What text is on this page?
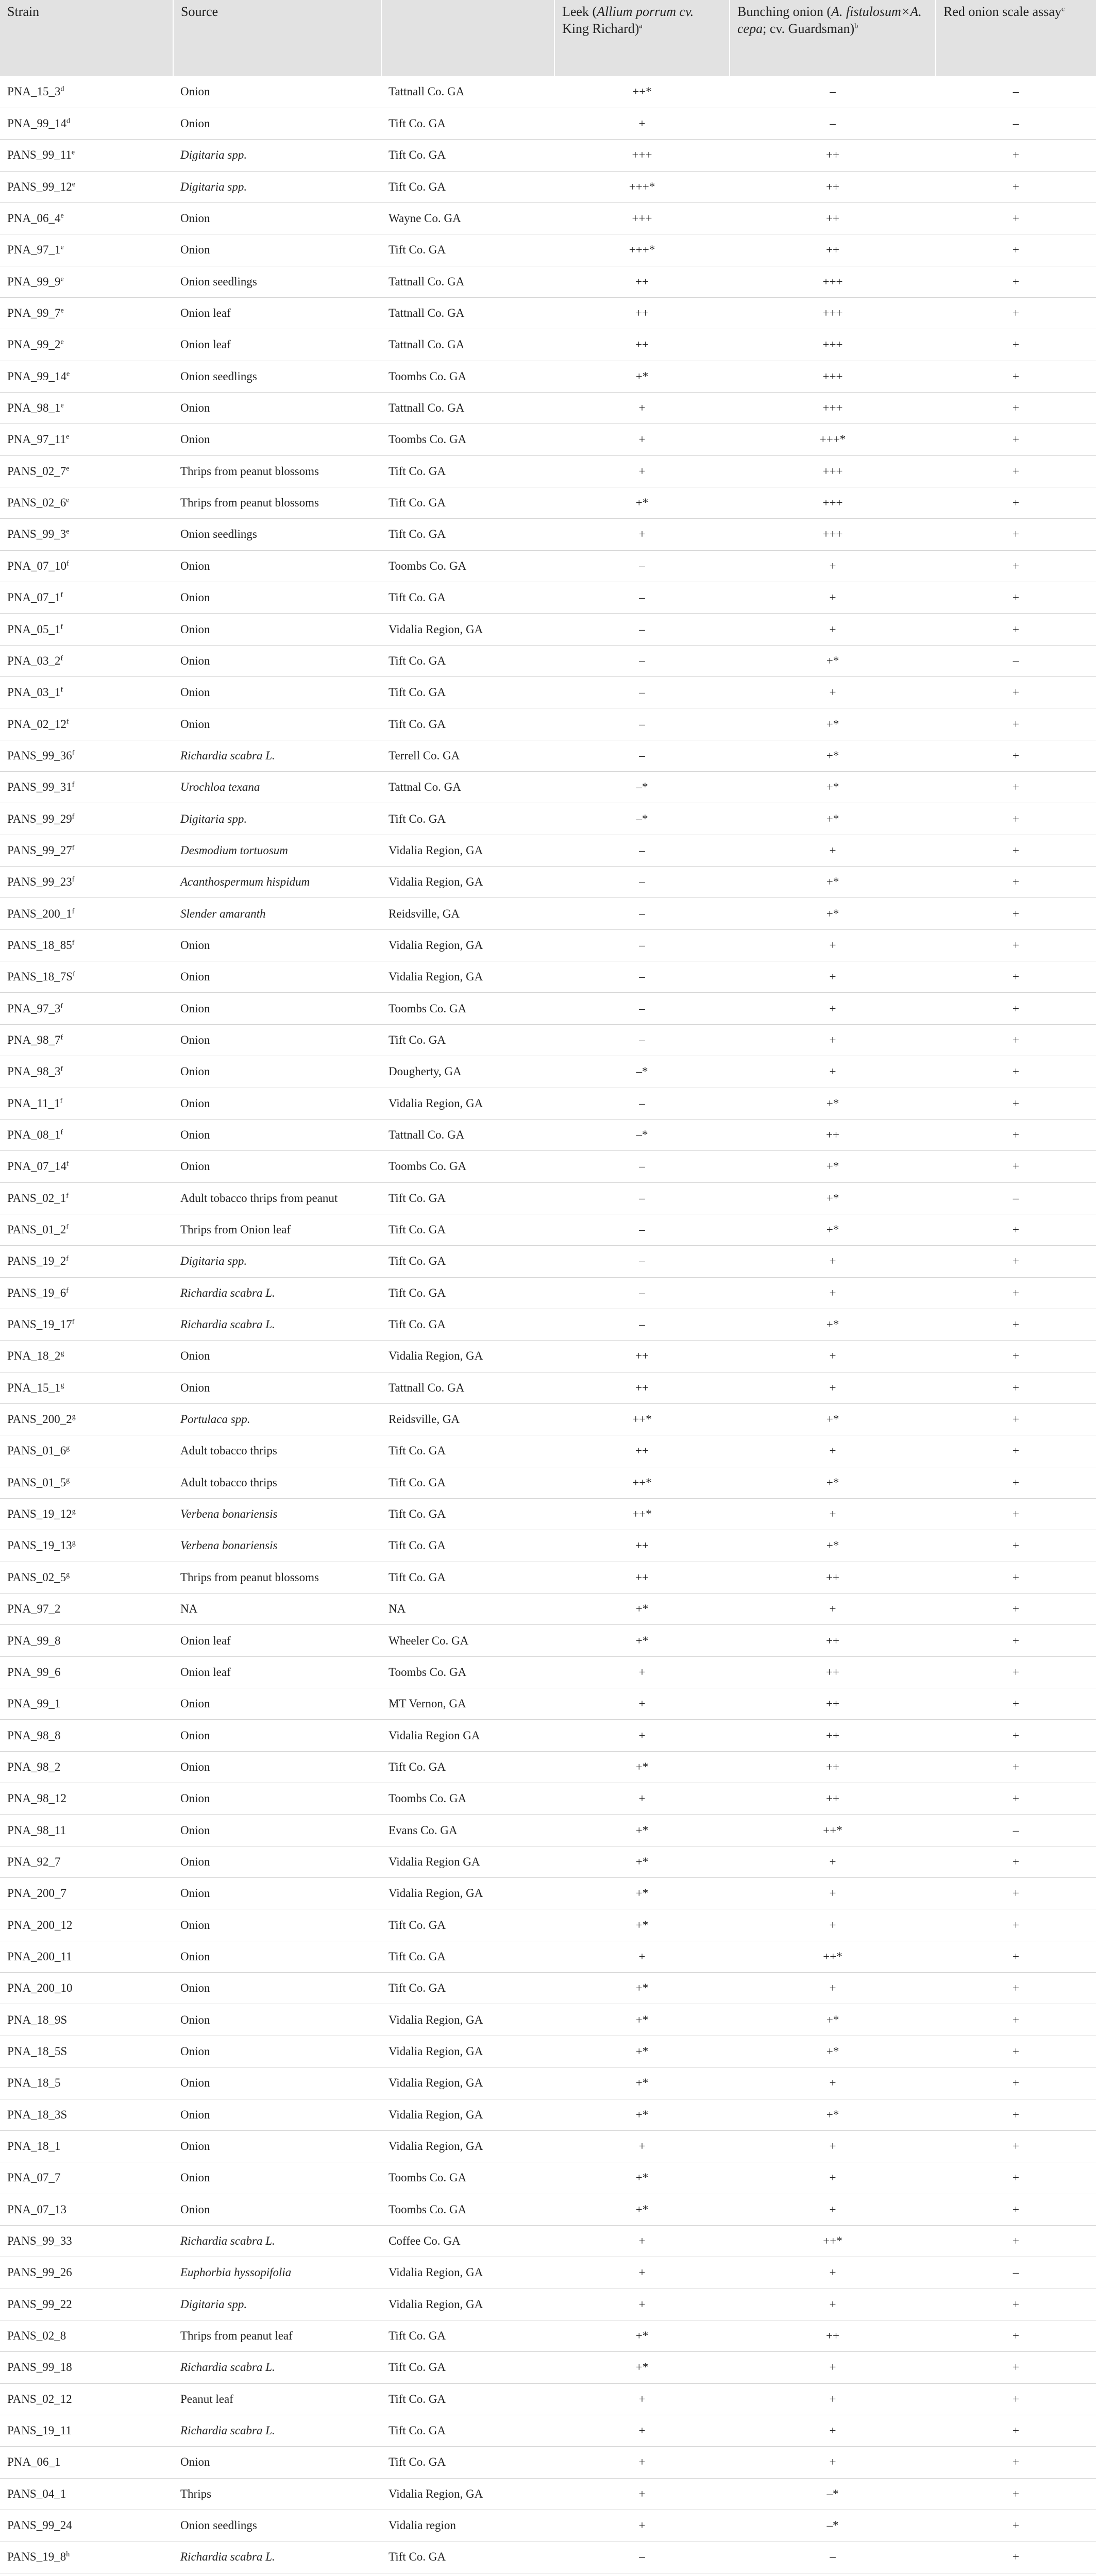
Strain	Source		Leek (Allium porrum cv. King Richard)$^a$	Bunching onion (A. fistulosum×A. cepa; cv. Guardsman)$^b$	Red onion scale assay$^c$
PNA_15_3$^d$	Onion	Tattnall Co. GA	++*	–	–
PNA_99_14$^d$	Onion	Tift Co. GA	+	–	–
PANS_99_11e	Digitaria spp.	Tift Co. GA	+++	++	+
$PANS\_99\_12^e$	Digitaria spp.	Tift Co. GA	+++*	++	+
$PNA\_06\_4^e$	Onion	Wayne Co. GA	+++	++	+
$PNA\_97\_1^e$	Onion	Tift Co. GA	+++*	++	+
$PNA\_99\_9^e$	Onion seedlings	Tattnall Co. GA	++	+++	+
$PNA\_99\_7^e$	Onion leaf	Tattnall Co. GA	++	+++	+
$PNA\_99\_2^e$	Onion leaf	Tattnall Co. GA	++	+++	+
$PNA\_99\_14^e$	Onion seedlings	Toombs Co. GA	+*	+++	+
$PNA\_98\_1^e$	Onion	Tattnall Co. GA	+	+++	+
$PNA\_97\_11^e$	Onion	Toombs Co. GA	+	+++*	+
$PANS\_02\_7^e$	Thrips from peanut blossoms	Tift Co. GA	+	+++	+
$PANS\_02\_6^e$	Thrips from peanut blossoms	Tift Co. GA	+*	+++	+
$PANS\_99\_3^e$	Onion seedlings	Tift Co. GA	+	+++	+
$PNA\_07\_10^f$	Onion	Toombs Co. GA	–	+	+
$PNA\_07\_1^f$	Onion	Tift Co. GA	–	+	+
$PNA\_05\_1^f$	Onion	Vidalia Region, GA	–	+	+
$PNA\_03\_2^f$	Onion	Tift Co. GA	–	+*	–
PNA_03_1$^f$	Onion	Tift Co. GA	–	+	+
$PNA\_02\_12^f$	Onion	Tift Co. GA	–	+*	+
$PANS\_99\_36^f$	Richardia scabra L.	Terrell Co. GA	–	+*	+
$PANS\_99\_31^f$	Urochloa texana	Tattnal Co. GA	–*	+*	+
$PANS\_99\_29^f$	Digitaria spp.	Tift Co. GA	–*	+*	+
$PANS\_99\_27^f$	Desmodium tortuosum	Vidalia Region, GA	–	+	+
$PANS\_99\_23^f$	Acanthospermum hispidum	Vidalia Region, GA	–	+*	+
$PANS\_200\_1^f$	Slender amaranth	Reidsville, GA	–	+*	+
$PANS\_18\_85^f$	Onion	Vidalia Region, GA	–	+	+
$PANS\_18\_7S^f$	Onion	Vidalia Region, GA	–	+	+
$PNA\_97\_3^f$	Onion	Toombs Co. GA	–	+	+
$PNA\_98\_7^f$	Onion	Tift Co. GA	–	+	+
$PNA\_98\_3^f$	Onion	Dougherty, GA	–*	+	+
$PNA\_11\_1^f$	Onion	Vidalia Region, GA	–	+*	+
$PNA\_08\_1^f$	Onion	Tattnall Co. GA	–*	++	+
$PNA\_07\_14^f$	Onion	Toombs Co. GA	–	+*	+
$PANS\_02\_1^f$	Adult tobacco thrips from peanut	Tift Co. GA	–	+*	–
PANS_01_2$^f$	Thrips from Onion leaf	Tift Co. GA	–	+*	+
$PANS\_19\_2^f$	Digitaria spp.	Tift Co. GA	–	+	+
$PANS\_19\_6^f$	Richardia scabra L.	Tift Co. GA	–	+	+
$PANS\_19\_17^f$	Richardia scabra L.	Tift Co. GA	–	+*	+
$PNA\_18\_2^g$	Onion	Vidalia Region, GA	++	+	+
$PNA\_15\_1^g$	Onion	Tattnall Co. GA	++	+	+
$PANS\_200\_2^g$	Portulaca spp.	Reidsville, GA	++*	+*	+
$PANS\_01\_6^g$	Adult tobacco thrips	Tift Co. GA	++	+	+
$PANS\_01\_5^g$	Adult tobacco thrips	Tift Co. GA	++*	+*	+
$PANS\_19\_12^g$	Verbena bonariensis	Tift Co. GA	++*	+	+
$PANS\_19\_13^g$	Verbena bonariensis	Tift Co. GA	++	+*	+
$PANS\_02\_5^g$	Thrips from peanut blossoms	Tift Co. GA	++	++	+
PNA_97_2	NA	NA	+*	+	+
PNA_99_8	Onion leaf	Wheeler Co. GA	+*	++	+
PNA_99_6	Onion leaf	Toombs Co. GA	+	++	+
PNA_99_1	Onion	MT Vernon, GA	+	++	+
PNA_98_8	Onion	Vidalia Region GA	+	++	+
PNA_98_2	Onion	Tift Co. GA	+*	++	+
PNA_98_12	Onion	Toombs Co. GA	+	++	+
PNA_98_11	Onion	Evans Co. GA	+*	++*	–
PNA_92_7	Onion	Vidalia Region GA	+*	+	+
PNA_200_7	Onion	Vidalia Region, GA	+*	+	+
PNA_200_12	Onion	Tift Co. GA	+*	+	+
PNA_200_11	Onion	Tift Co. GA	+	++*	+
PNA_200_10	Onion	Tift Co. GA	+*	+	+
PNA_18_9S	Onion	Vidalia Region, GA	+*	+*	+
PNA_18_5S	Onion	Vidalia Region, GA	+*	+*	+
PNA_18_5	Onion	Vidalia Region, GA	+*	+	+
PNA_18_3S	Onion	Vidalia Region, GA	+*	+*	+
PNA_18_1	Onion	Vidalia Region, GA	+	+	+
PNA_07_7	Onion	Toombs Co. GA	+*	+	+
PNA_07_13	Onion	Toombs Co. GA	+*	+	+
PANS_99_33	Richardia scabra L.	Coffee Co. GA	+	++*	+
PANS_99_26	Euphorbia hyssopifolia	Vidalia Region, GA	+	+	–
PANS_99_22	Digitaria spp.	Vidalia Region, GA	+	+	+
PANS_02_8	Thrips from peanut leaf	Tift Co. GA	+*	++	+
PANS_99_18	Richardia scabra L.	Tift Co. GA	+*	+	+
PANS_02_12	Peanut leaf	Tift Co. GA	+	+	+
PANS_19_11	Richardia scabra L.	Tift Co. GA	+	+	+
PNA_06_1	Onion	Tift Co. GA	+	+	+
PANS_04_1	Thrips	Vidalia Region, GA	+	–*	+
PANS_99_24	Onion seedlings	Vidalia region	+	–*	+
$PANS\_19\_8^h$	Richardia scabra L.	Tift Co. GA	–	–	+
